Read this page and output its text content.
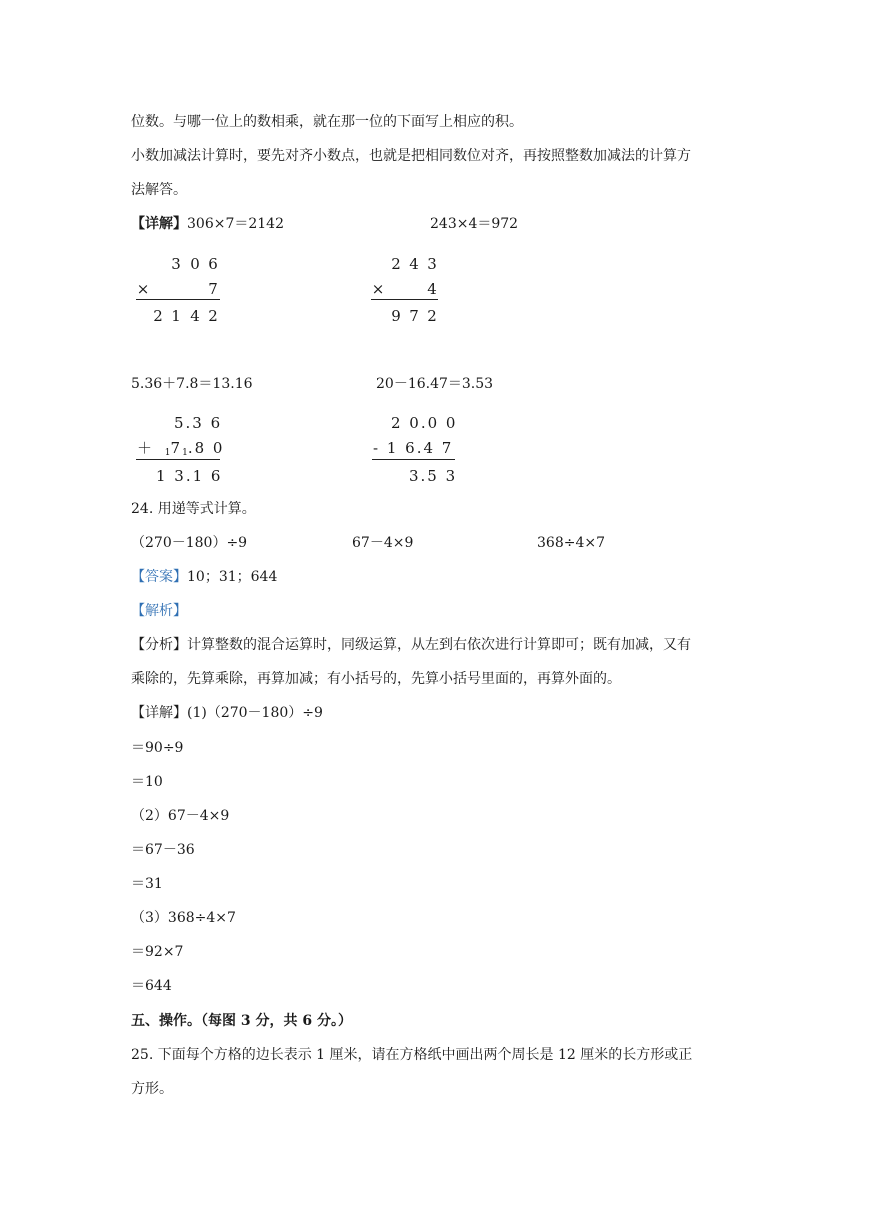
位数。与哪一位上的数相乘，就在那一位的下面写上相应的积。
小数加减法计算时，要先对齐小数点，也就是把相同数位对齐，再按照整数加减法的计算方
法解答。
【详解】306×7＝2142	243×4＝972
3 0 6
×	7
2 1 4 2
2 4 3
×	4
9 7 2
5.36＋7.8＝13.16	20－16.47＝3.53
5.3 6
＋ 171.8 0
1 3.1 6
2 0.0 0
- 1 6.4 7
3.5 3
24. 用递等式计算。
（270－180）÷9	67－4×9	368÷4×7
【答案】10；31；644
【解析】
【分析】计算整数的混合运算时，同级运算，从左到右依次进行计算即可；既有加减，又有
乘除的，先算乘除，再算加减；有小括号的，先算小括号里面的，再算外面的。
【详解】(1)（270－180）÷9
＝90÷9
＝10
（2）67－4×9
＝67－36
＝31
（3）368÷4×7
＝92×7
＝644
五、操作。（每图 3 分，共 6 分。）
25. 下面每个方格的边长表示 1 厘米，请在方格纸中画出两个周长是 12 厘米的长方形或正
方形。
